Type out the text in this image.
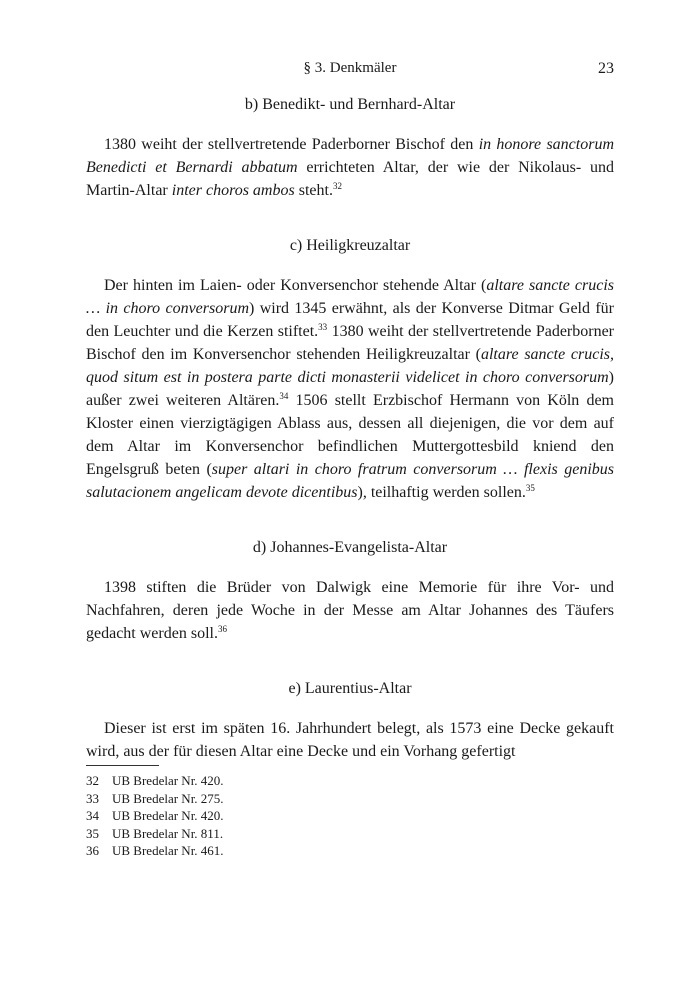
§ 3. Denkmäler	23
b) Benedikt- und Bernhard-Altar

1380 weiht der stellvertretende Paderborner Bischof den in honore sanctorum Benedicti et Bernardi abbatum errichteten Altar, der wie der Nikolaus- und Martin-Altar inter choros ambos steht.$^{32}$

c) Heiligkreuzaltar

Der hinten im Laien- oder Konversenchor stehende Altar (altare sancte crucis … in choro conversorum) wird 1345 erwähnt, als der Konverse Ditmar Geld für den Leuchter und die Kerzen stiftet.$^{33}$ 1380 weiht der stellvertretende Paderborner Bischof den im Konversenchor stehenden Heiligkreuzaltar (altare sancte crucis, quod situm est in postera parte dicti monasterii videlicet in choro conversorum) außer zwei weiteren Altären.$^{34}$ 1506 stellt Erzbischof Hermann von Köln dem Kloster einen vierzigtägigen Ablass aus, dessen all diejenigen, die vor dem auf dem Altar im Konversenchor befindlichen Muttergottesbild kniend den Engelsgruß beten (super altari in choro fratrum conversorum … flexis genibus salutacionem angelicam devote dicentibus), teilhaftig werden sollen.$^{35}$

d) Johannes-Evangelista-Altar

1398 stiften die Brüder von Dalwigk eine Memorie für ihre Vor- und Nachfahren, deren jede Woche in der Messe am Altar Johannes des Täufers gedacht werden soll.$^{36}$

e) Laurentius-Altar

Dieser ist erst im späten 16. Jahrhundert belegt, als 1573 eine Decke gekauft wird, aus der für diesen Altar eine Decke und ein Vorhang gefertigt

32	UB Bredelar Nr. 420.
33	UB Bredelar Nr. 275.
34	UB Bredelar Nr. 420.
35	UB Bredelar Nr. 811.
36	UB Bredelar Nr. 461.
